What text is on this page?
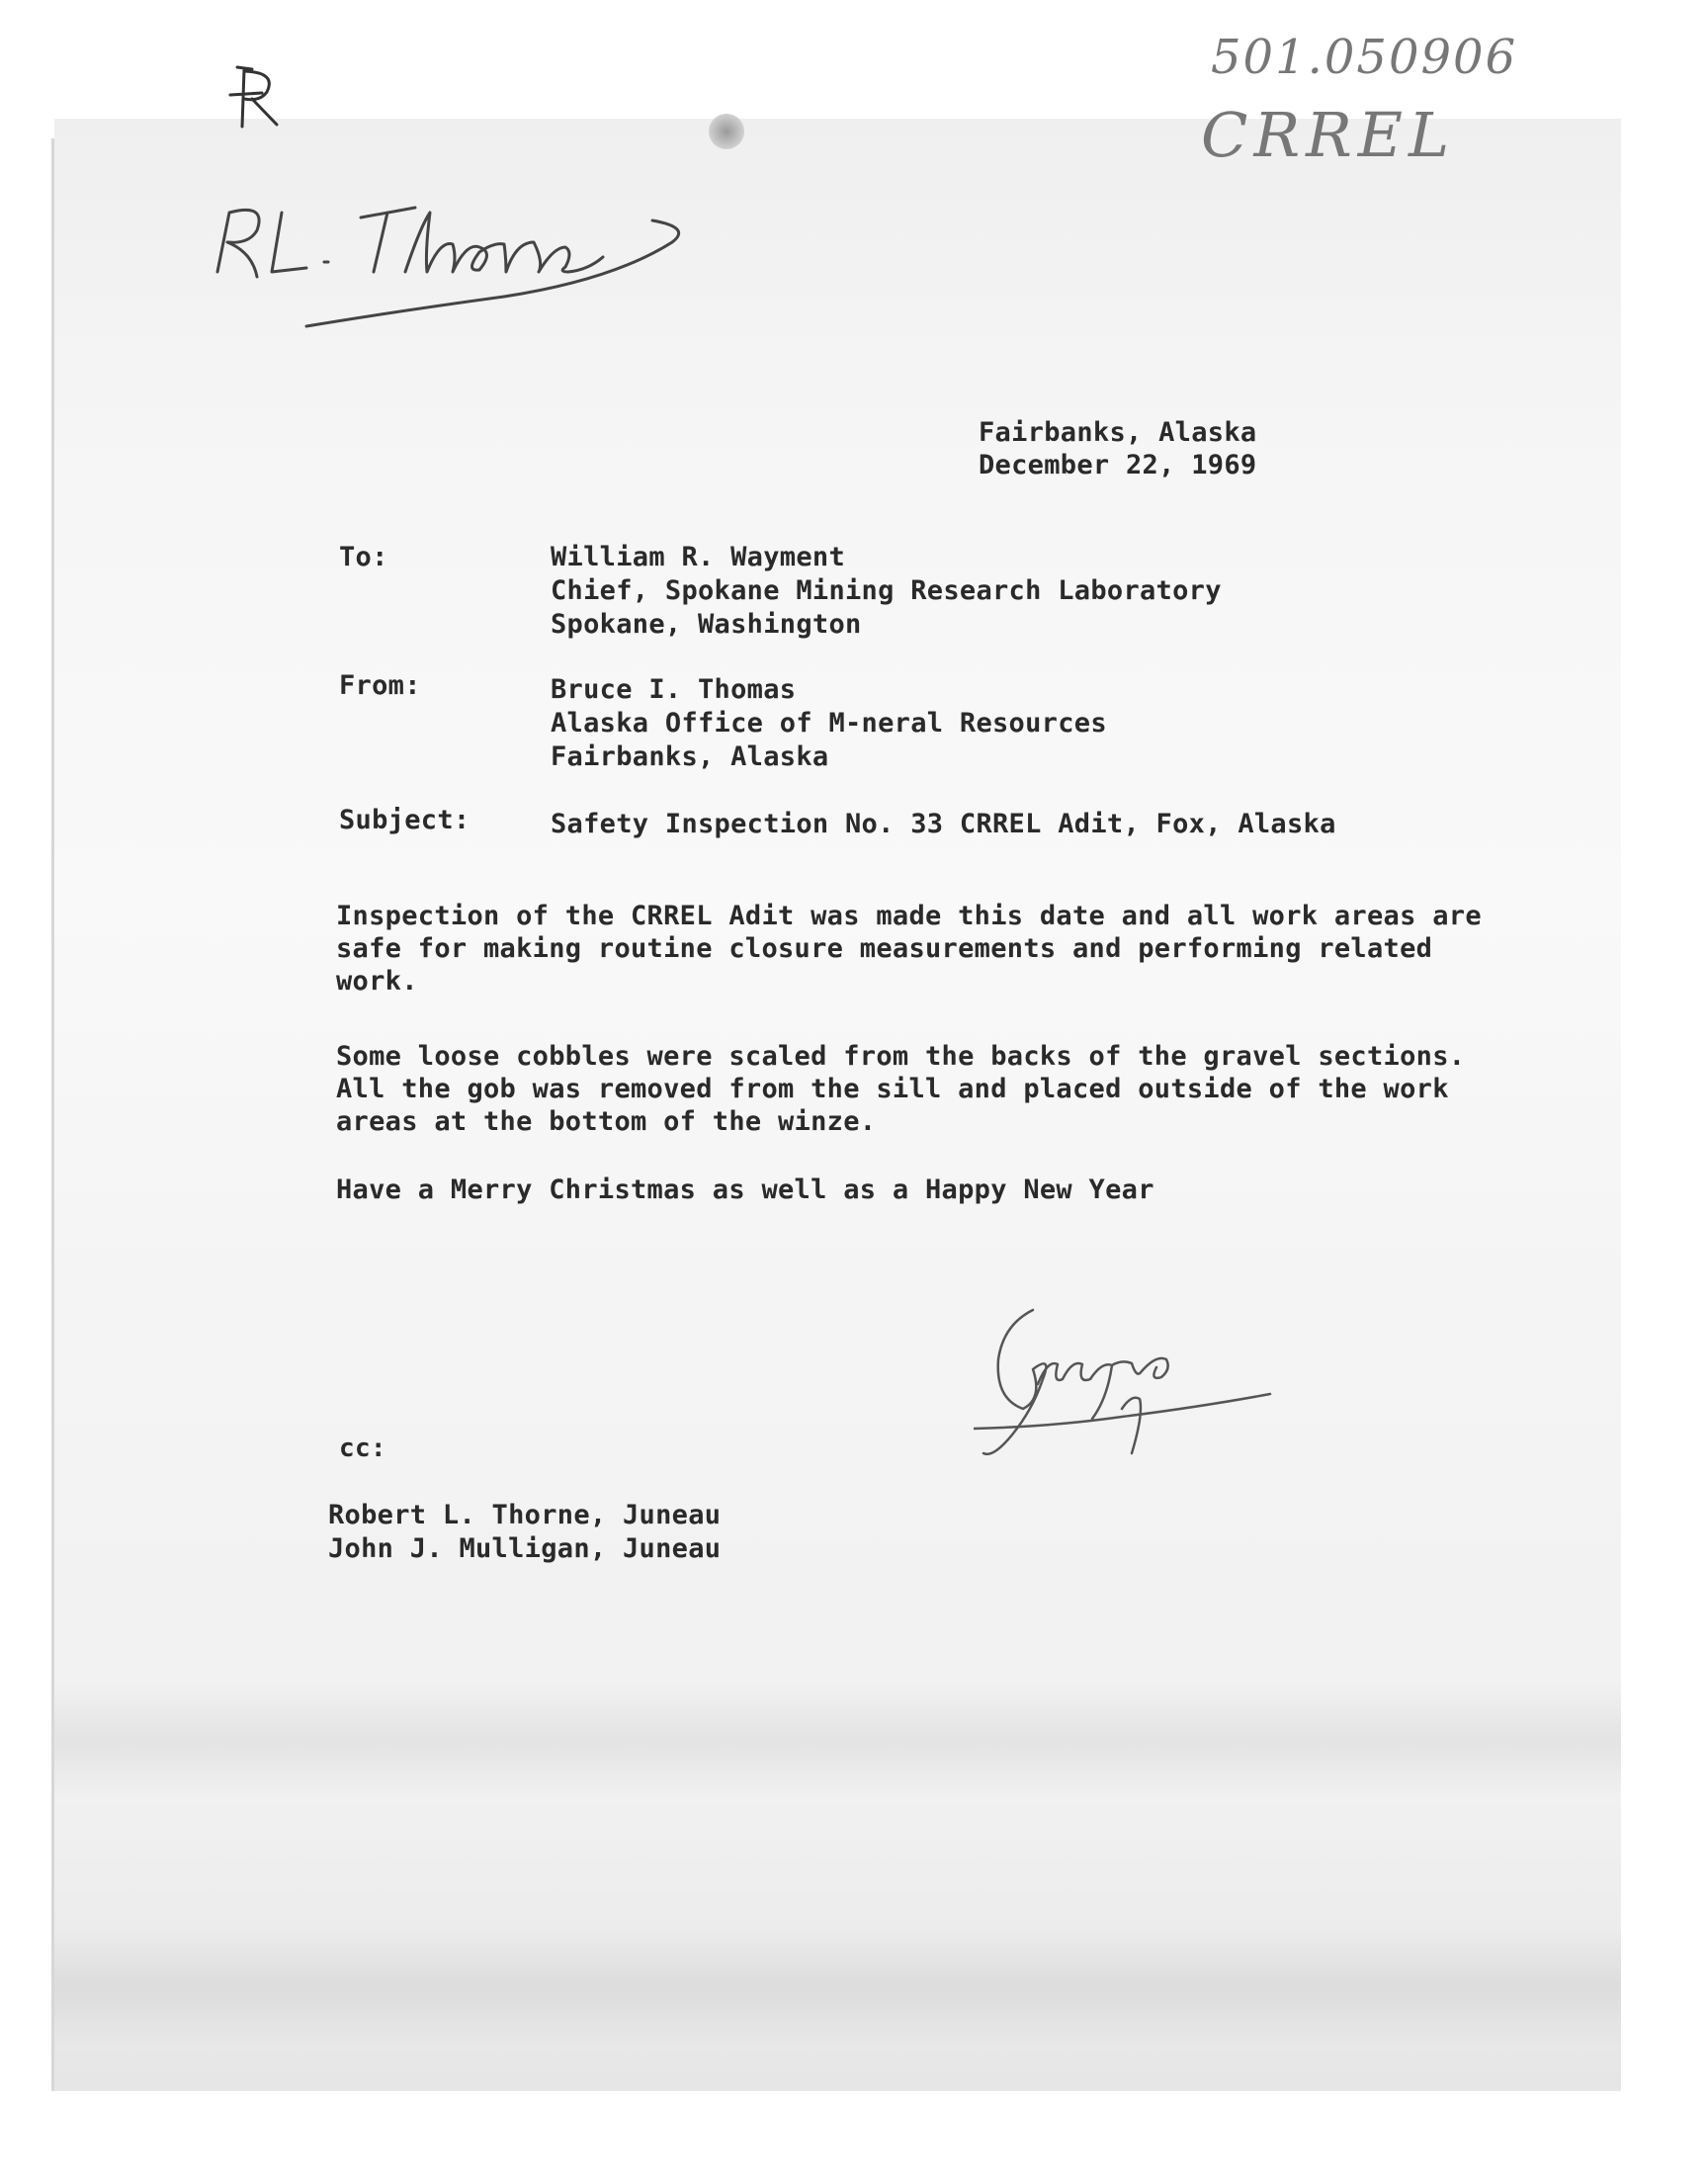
501.050906
CRREL
Fairbanks, Alaska
December 22, 1969
To:	William R. Wayment
Chief, Spokane Mining Research Laboratory
Spokane, Washington
From:	Bruce I. Thomas
Alaska Office of M-neral Resources
Fairbanks, Alaska
Subject:	Safety Inspection No. 33 CRREL Adit, Fox, Alaska
Inspection of the CRREL Adit was made this date and all work areas are safe for making routine closure measurements and performing related work.
Some loose cobbles were scaled from the backs of the gravel sections. All the gob was removed from the sill and placed outside of the work areas at the bottom of the winze.
Have a Merry Christmas as well as a Happy New Year
cc:
Robert L. Thorne, Juneau
John J. Mulligan, Juneau
